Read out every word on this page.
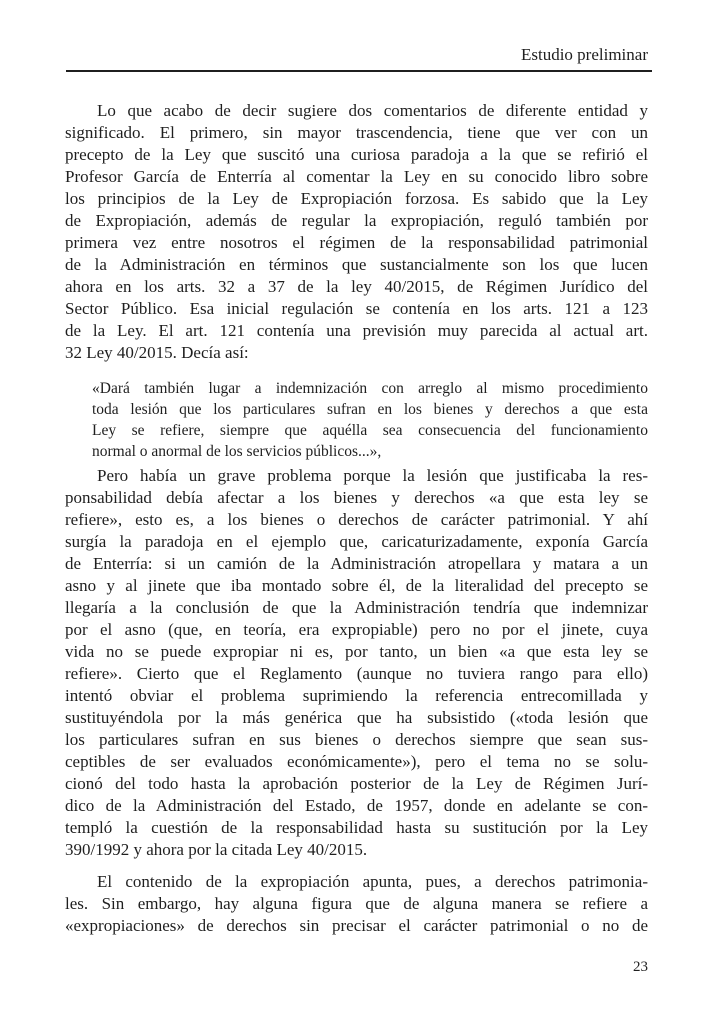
Estudio preliminar
Lo que acabo de decir sugiere dos comentarios de diferente entidad y
significado. El primero, sin mayor trascendencia, tiene que ver con un
precepto de la Ley que suscitó una curiosa paradoja a la que se refirió el
Profesor García de Enterría al comentar la Ley en su conocido libro sobre
los principios de la Ley de Expropiación forzosa. Es sabido que la Ley
de Expropiación, además de regular la expropiación, reguló también por
primera vez entre nosotros el régimen de la responsabilidad patrimonial
de la Administración en términos que sustancialmente son los que lucen
ahora en los arts. 32 a 37 de la ley 40/2015, de Régimen Jurídico del
Sector Público. Esa inicial regulación se contenía en los arts. 121 a 123
de la Ley. El art. 121 contenía una previsión muy parecida al actual art.
32 Ley 40/2015. Decía así:
«Dará también lugar a indemnización con arreglo al mismo procedimiento
toda lesión que los particulares sufran en los bienes y derechos a que esta
Ley se refiere, siempre que aquélla sea consecuencia del funcionamiento
normal o anormal de los servicios públicos...»,
Pero había un grave problema porque la lesión que justificaba la res-
ponsabilidad debía afectar a los bienes y derechos «a que esta ley se
refiere», esto es, a los bienes o derechos de carácter patrimonial. Y ahí
surgía la paradoja en el ejemplo que, caricaturizadamente, exponía García
de Enterría: si un camión de la Administración atropellara y matara a un
asno y al jinete que iba montado sobre él, de la literalidad del precepto se
llegaría a la conclusión de que la Administración tendría que indemnizar
por el asno (que, en teoría, era expropiable) pero no por el jinete, cuya
vida no se puede expropiar ni es, por tanto, un bien «a que esta ley se
refiere». Cierto que el Reglamento (aunque no tuviera rango para ello)
intentó obviar el problema suprimiendo la referencia entrecomillada y
sustituyéndola por la más genérica que ha subsistido («toda lesión que
los particulares sufran en sus bienes o derechos siempre que sean sus-
ceptibles de ser evaluados económicamente»), pero el tema no se solu-
cionó del todo hasta la aprobación posterior de la Ley de Régimen Jurí-
dico de la Administración del Estado, de 1957, donde en adelante se con-
templó la cuestión de la responsabilidad hasta su sustitución por la Ley
390/1992 y ahora por la citada Ley 40/2015.
El contenido de la expropiación apunta, pues, a derechos patrimonia-
les. Sin embargo, hay alguna figura que de alguna manera se refiere a
«expropiaciones» de derechos sin precisar el carácter patrimonial o no de
23
